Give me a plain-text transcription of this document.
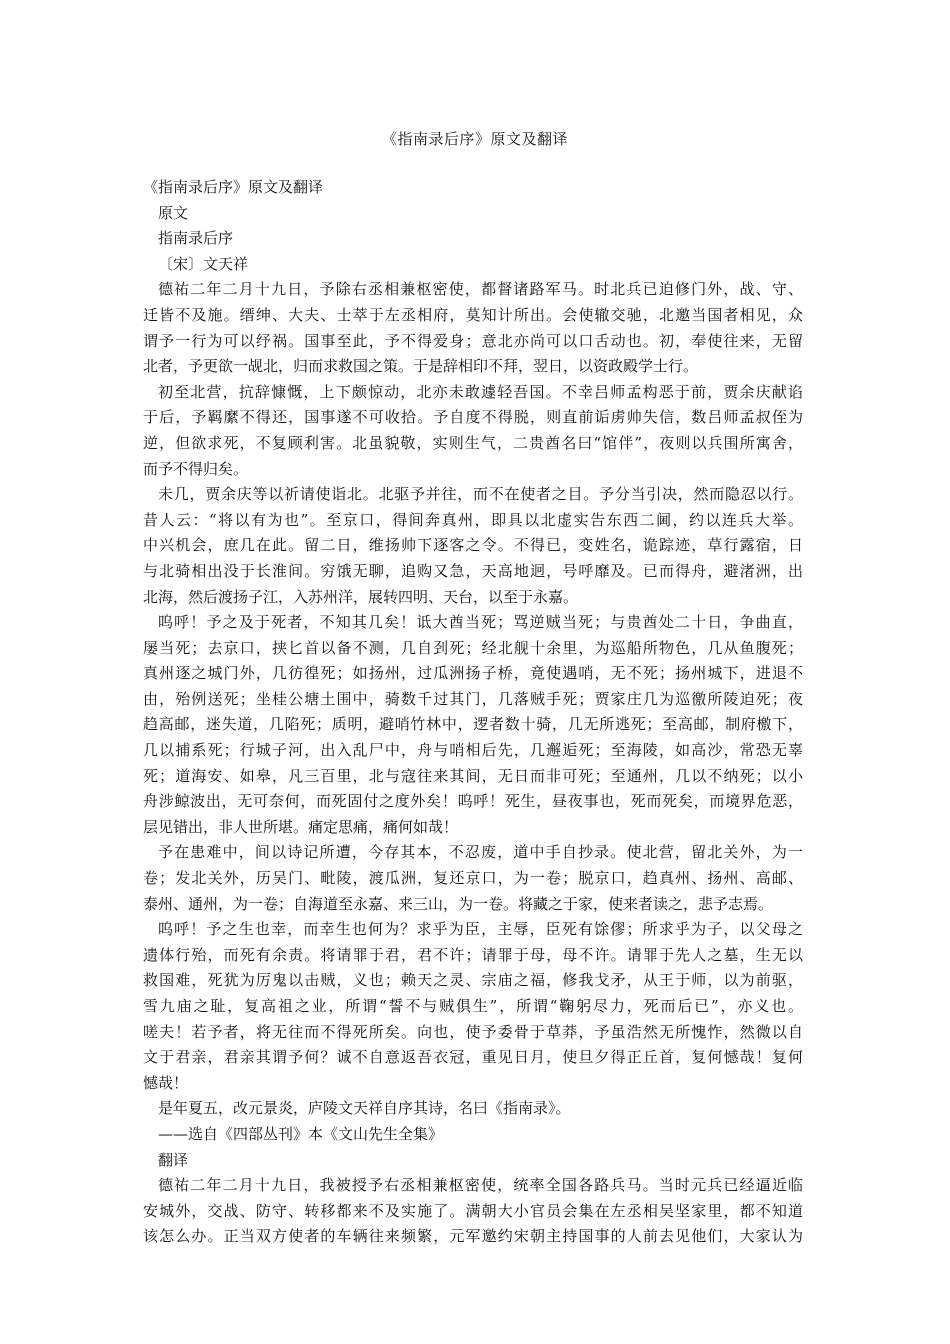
《指南录后序》原文及翻译
《指南录后序》原文及翻译
原文
指南录后序
〔宋〕文天祥
德祐二年二月十九日，予除右丞相兼枢密使，都督诸路军马。时北兵已迫修门外，战、守、
迁皆不及施。缙绅、大夫、士萃于左丞相府，莫知计所出。会使辙交驰，北邀当国者相见，众
谓予一行为可以纾祸。国事至此，予不得爱身；意北亦尚可以口舌动也。初，奉使往来，无留
北者，予更欲一觇北，归而求救国之策。于是辞相印不拜，翌日，以资政殿学士行。
初至北营，抗辞慷慨，上下颇惊动，北亦未敢遽轻吾国。不幸吕师孟构恶于前，贾余庆献谄
于后，予羁縻不得还，国事遂不可收拾。予自度不得脱，则直前诟虏帅失信，数吕师孟叔侄为
逆，但欲求死，不复顾利害。北虽貌敬，实则生气，二贵酋名曰“馆伴”，夜则以兵围所寓舍，
而予不得归矣。
未几，贾余庆等以祈请使诣北。北驱予并往，而不在使者之目。予分当引决，然而隐忍以行。
昔人云：“将以有为也”。至京口，得间奔真州，即具以北虚实告东西二阃，约以连兵大举。
中兴机会，庶几在此。留二日，维扬帅下逐客之令。不得已，变姓名，诡踪迹，草行露宿，日
与北骑相出没于长淮间。穷饿无聊，追购又急，天高地迥，号呼靡及。已而得舟，避渚洲，出
北海，然后渡扬子江，入苏州洋，展转四明、天台，以至于永嘉。
呜呼！予之及于死者，不知其几矣！诋大酋当死；骂逆贼当死；与贵酋处二十日，争曲直，
屡当死；去京口，挟匕首以备不测，几自刭死；经北舰十余里，为巡船所物色，几从鱼腹死；
真州逐之城门外，几彷徨死；如扬州，过瓜洲扬子桥，竟使遇哨，无不死；扬州城下，进退不
由，殆例送死；坐桂公塘土围中，骑数千过其门，几落贼手死；贾家庄几为巡徼所陵迫死；夜
趋高邮，迷失道，几陷死；质明，避哨竹林中，逻者数十骑，几无所逃死；至高邮，制府檄下，
几以捕系死；行城子河，出入乱尸中，舟与哨相后先，几邂逅死；至海陵，如高沙，常恐无辜
死；道海安、如皋，凡三百里，北与寇往来其间，无日而非可死；至通州，几以不纳死；以小
舟涉鲸波出，无可奈何，而死固付之度外矣！呜呼！死生，昼夜事也，死而死矣，而境界危恶，
层见错出，非人世所堪。痛定思痛，痛何如哉！
予在患难中，间以诗记所遭，今存其本，不忍废，道中手自抄录。使北营，留北关外，为一
卷；发北关外，历吴门、毗陵，渡瓜洲，复还京口，为一卷；脱京口，趋真州、扬州、高邮、
泰州、通州，为一卷；自海道至永嘉、来三山，为一卷。将藏之于家，使来者读之，悲予志焉。
呜呼！予之生也幸，而幸生也何为？求乎为臣，主辱，臣死有馀僇；所求乎为子，以父母之
遗体行殆，而死有余责。将请罪于君，君不许；请罪于母，母不许。请罪于先人之墓，生无以
救国难，死犹为厉鬼以击贼，义也；赖天之灵、宗庙之福，修我戈矛，从王于师，以为前驱，
雪九庙之耻，复高祖之业，所谓“誓不与贼俱生”，所谓“鞠躬尽力，死而后已”，亦义也。
嗟夫！若予者，将无往而不得死所矣。向也，使予委骨于草莽，予虽浩然无所愧怍，然微以自
文于君亲，君亲其谓予何？诚不自意返吾衣冠，重见日月，使旦夕得正丘首，复何憾哉！复何
憾哉！
是年夏五，改元景炎，庐陵文天祥自序其诗，名曰《指南录》。
——选自《四部丛刊》本《文山先生全集》
翻译
德祐二年二月十九日，我被授予右丞相兼枢密使，统率全国各路兵马。当时元兵已经逼近临
安城外，交战、防守、转移都来不及实施了。满朝大小官员会集在左丞相吴坚家里，都不知道
该怎么办。正当双方使者的车辆往来频繁，元军邀约宋朝主持国事的人前去见他们，大家认为
